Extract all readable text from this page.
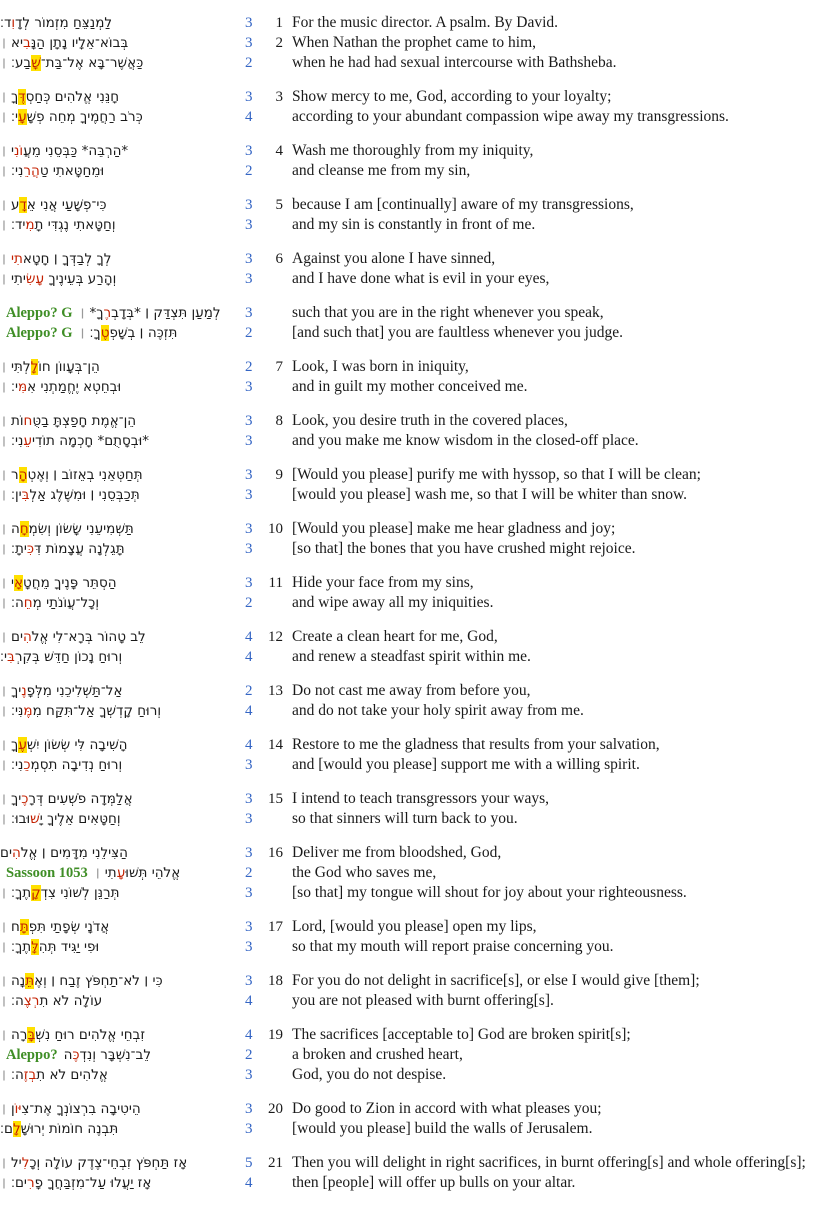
לַמְנַצֵּחַ מִזְמוֹר לְדָוִד׃	3	1 For the music director. A psalm. By David.
בְּבוֹא־אֵלָיו נָתָן הַנָּבִיא׀	3	2 When Nathan the prophet came to him,
כַּאֲשֶׁר־בָּא אֶל־בַּת־שָׁבַע׃׀	2	when he had had sexual intercourse with Bathsheba.
חָנֵּנִי אֱלֹהִים כְּחַסְדֶּךָ׀	3	3 Show mercy to me, God, according to your loyalty;
כְּרֹב רַחֲמֶיךָ מְחֵה פְשָׁעָי׃׀	4	according to your abundant compassion wipe away my transgressions.
*הַרְבֵּה* כַּבְּסֵנִי מֵעֲוֹנִי׀	3	4 Wash me thoroughly from my iniquity,
וּמֵחַטָּאתִי טַהֲרֵנִי׃׀	2	and cleanse me from my sin,
כִּי־פְשָׁעַי אֲנִי אֵדָע׀	3	5 because I am [continually] aware of my transgressions,
וְחַטָּאתִי נֶגְדִּי תָמִיד׃׀	3	and my sin is constantly in front of me.
לְךָ לְבַדְּךָ ׀ חָטָאתִי׀	3	6 Against you alone I have sinned,
וְהָרַע בְּעֵינֶיךָ עָשִׂיתִי׀	3	and I have done what is evil in your eyes,
לְמַעַן תִּצְדַּק ׀ *בְּדָבְרֶךָ*׀Aleppo? G	3	such that you are in the right whenever you speak,
תִּזְכֶּה ׀ בְשָׁפְטֶךָ׃׀Aleppo? G	2	[and such that] you are faultless whenever you judge.
הֵן־בְּעָווֹן חוֹלָלְתִּי׀	2	7 Look, I was born in iniquity,
וּבְחֵטְא יֶחֱמַתְנִי אִמִּי׃׀	3	and in guilt my mother conceived me.
הֵן־אֱמֶת חָפַצְתָּ בַטֻּחוֹת׀	3	8 Look, you desire truth in the covered places,
*וּבְסָתֻם* חָכְמָה תוֹדִיעֵנִי׃׀	3	and you make me know wisdom in the closed-off place.
תְּחַטְּאֵנִי בְאֵזוֹב ׀ וְאֶטְהָר׀	3	9 [Would you please] purify me with hyssop, so that I will be clean;
תְּכַבְּסֵנִי ׀ וּמִשֶּׁלֶג אַלְבִּין׃׀	3	[would you please] wash me, so that I will be whiter than snow.
תַּשְׁמִיעֵנִי שָׂשׂוֹן וְשִׂמְחָה׀	3	10 [Would you please] make me hear gladness and joy;
תָּגֵלְנָה עֲצָמוֹת דִּכִּיתָ׃׀	3	[so that] the bones that you have crushed might rejoice.
הַסְתֵּר פָּנֶיךָ מֵחֲטָאָי׀	3	11 Hide your face from my sins,
וְכָל־עֲוֺנֹתַי מְחֵה׃׀	2	and wipe away all my iniquities.
לֵב טָהוֹר בְּרָא־לִי אֱלֹהִים׀	4	12 Create a clean heart for me, God,
וְרוּחַ נָכוֹן חַדֵּשׁ בְּקִרְבִּי׃	4	and renew a steadfast spirit within me.
אַל־תַּשְׁלִיכֵנִי מִלְּפָנֶיךָ׀	2	13 Do not cast me away from before you,
וְרוּחַ קָדְשְׁךָ אַל־תִּקַּח מִמֶּנִּי׃׀	4	and do not take your holy spirit away from me.
הָשִׁיבָה לִּי שְׂשׂוֹן יִשְׁעֶךָ׀	4	14 Restore to me the gladness that results from your salvation,
וְרוּחַ נְדִיבָה תִסְמְכֵנִי׃׀	3	and [would you please] support me with a willing spirit.
אֲלַמְּדָה פֹשְׁעִים דְּרָכֶיךָ׀	3	15 I intend to teach transgressors your ways,
וְחַטָּאִים אֵלֶיךָ יָשׁוּבוּ׃׀	3	so that sinners will turn back to you.
הַצִּילֵנִי מִדָּמִים ׀ אֱלֹהִים	3	16 Deliver me from bloodshed, God,
אֱלֹהֵי תְּשׁוּעָתִי׀Sassoon 1053	2	the God who saves me,
תְּרַנֵּן לְשׁוֹנִי צִדְקָתֶךָ׃׀	3	[so that] my tongue will shout for joy about your righteousness.
אֲדֹנָי שְׂפָתַי תִּפְתָּח׀	3	17 Lord, [would you please] open my lips,
וּפִי יַגִּיד תְּהִלָּתֶךָ׃׀	3	so that my mouth will report praise concerning you.
כִּי ׀ לֹא־תַחְפֹּץ זֶבַח ׀ וְאֶתֵּנָה׀	3	18 For you do not delight in sacrifice[s], or else I would give [them];
עוֹלָה לֹא תִרְצֶה׃׀	4	you are not pleased with burnt offering[s].
זִבְחֵי אֱלֹהִים רוּחַ נִשְׁבָּרָה׀	4	19 The sacrifices [acceptable to] God are broken spirit[s];
לֵב־נִשְׁבָּר וְנִדְכֶּהAleppo?	2	a broken and crushed heart,
אֱלֹהִים לֹא תִבְזֶה׃׀	3	God, you do not despise.
הֵיטִיבָה בִרְצוֹנְךָ אֶת־צִיּוֹן׀	3	20 Do good to Zion in accord with what pleases you;
תִּבְנֶה חוֹמוֹת יְרוּשָׁלָם׃	3	[would you please] build the walls of Jerusalem.
אָז תַּחְפֹּץ זִבְחֵי־צֶדֶק עוֹלָה וְכָלִיל׀	5	21 Then you will delight in right sacrifices, in burnt offering[s] and whole offering[s];
אָז יַעֲלוּ עַל־מִזְבַּחֲךָ פָרִים׃׀	4	then [people] will offer up bulls on your altar.
